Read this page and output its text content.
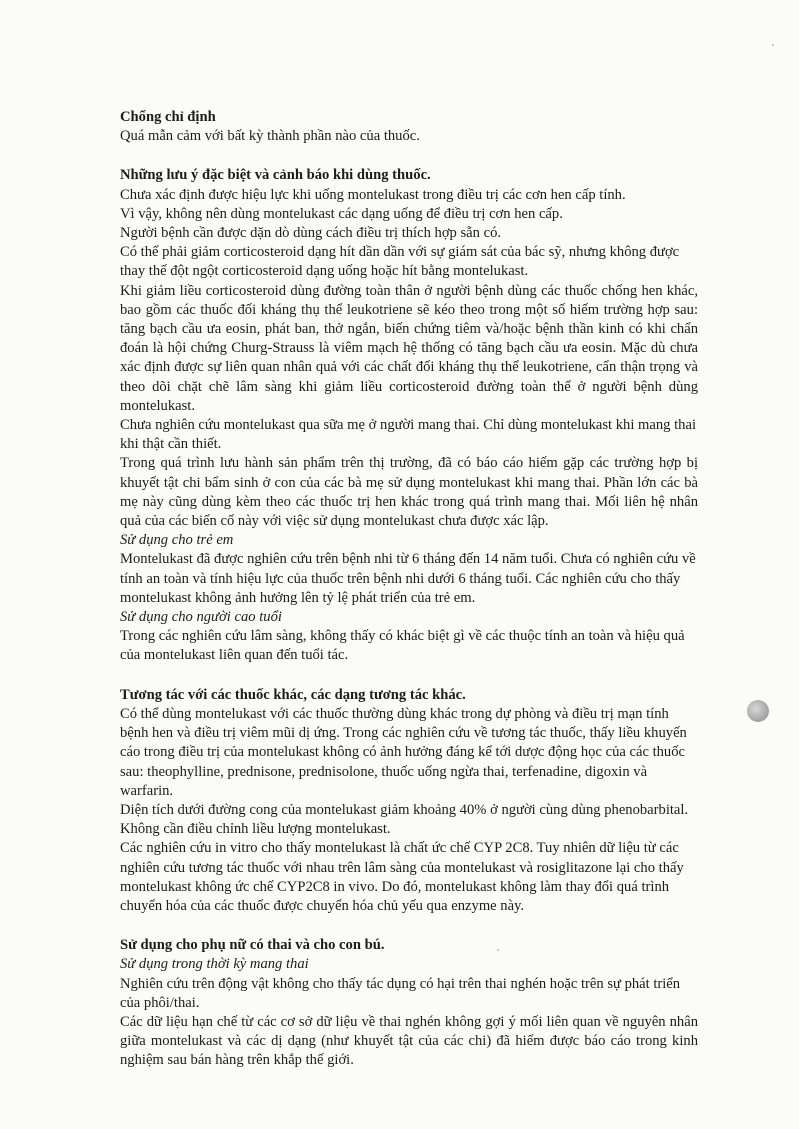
Chống chỉ định

Quá mẫn cảm với bất kỳ thành phần nào của thuốc.

Những lưu ý đặc biệt và cảnh báo khi dùng thuốc.

Chưa xác định được hiệu lực khi uống montelukast trong điều trị các cơn hen cấp tính.

Vì vậy, không nên dùng montelukast các dạng uống để điều trị cơn hen cấp.

Người bệnh cần được dặn dò dùng cách điều trị thích hợp sẵn có.

Có thể phải giảm corticosteroid dạng hít dần dần với sự giám sát của bác sỹ, nhưng không được thay thế đột ngột corticosteroid dạng uống hoặc hít bằng montelukast.

Khi giảm liều corticosteroid dùng đường toàn thân ở người bệnh dùng các thuốc chống hen khác, bao gồm các thuốc đối kháng thụ thể leukotriene sẽ kéo theo trong một số hiếm trường hợp sau: tăng bạch cầu ưa eosin, phát ban, thở ngắn, biến chứng tiêm và/hoặc bệnh thần kinh có khi chẩn đoán là hội chứng Churg-Strauss là viêm mạch hệ thống có tăng bạch cầu ưa eosin. Mặc dù chưa xác định được sự liên quan nhân quả với các chất đối kháng thụ thể leukotriene, cẩn thận trọng và theo dõi chặt chẽ lâm sàng khi giảm liều corticosteroid đường toàn thể ở người bệnh dùng montelukast.

Chưa nghiên cứu montelukast qua sữa mẹ ở người mang thai. Chỉ dùng montelukast khi mang thai khi thật cần thiết.

Trong quá trình lưu hành sản phẩm trên thị trường, đã có báo cáo hiếm gặp các trường hợp bị khuyết tật chi bẩm sinh ở con của các bà mẹ sử dụng montelukast khi mang thai. Phần lớn các bà mẹ này cũng dùng kèm theo các thuốc trị hen khác trong quá trình mang thai. Mối liên hệ nhân quả của các biến cố này với việc sử dụng montelukast chưa được xác lập.

Sử dụng cho trẻ em

Montelukast đã được nghiên cứu trên bệnh nhi từ 6 tháng đến 14 năm tuổi. Chưa có nghiên cứu về tính an toàn và tính hiệu lực của thuốc trên bệnh nhi dưới 6 tháng tuổi. Các nghiên cứu cho thấy montelukast không ảnh hưởng lên tỷ lệ phát triển của trẻ em.

Sử dụng cho người cao tuổi

Trong các nghiên cứu lâm sàng, không thấy có khác biệt gì về các thuộc tính an toàn và hiệu quả của montelukast liên quan đến tuổi tác.

Tương tác với các thuốc khác, các dạng tương tác khác.

Có thể dùng montelukast với các thuốc thường dùng khác trong dự phòng và điều trị mạn tính bệnh hen và điều trị viêm mũi dị ứng. Trong các nghiên cứu về tương tác thuốc, thấy liều khuyến cáo trong điều trị của montelukast không có ảnh hưởng đáng kể tới dược động học của các thuốc sau: theophylline, prednisone, prednisolone, thuốc uống ngừa thai, terfenadine, digoxin và warfarin.

Diện tích dưới đường cong của montelukast giảm khoảng 40% ở người cùng dùng phenobarbital. Không cần điều chỉnh liều lượng montelukast.

Các nghiên cứu in vitro cho thấy montelukast là chất ức chế CYP 2C8. Tuy nhiên dữ liệu từ các nghiên cứu tương tác thuốc với nhau trên lâm sàng của montelukast và rosiglitazone lại cho thấy montelukast không ức chế CYP2C8 in vivo. Do đó, montelukast không làm thay đổi quá trình chuyển hóa của các thuốc được chuyển hóa chủ yếu qua enzyme này.

Sử dụng cho phụ nữ có thai và cho con bú.

Sử dụng trong thời kỳ mang thai

Nghiên cứu trên động vật không cho thấy tác dụng có hại trên thai nghén hoặc trên sự phát triển của phôi/thai.

Các dữ liệu hạn chế từ các cơ sở dữ liệu về thai nghén không gợi ý mối liên quan về nguyên nhân giữa montelukast và các dị dạng (như khuyết tật của các chi) đã hiếm được báo cáo trong kinh nghiệm sau bán hàng trên khắp thế giới.
